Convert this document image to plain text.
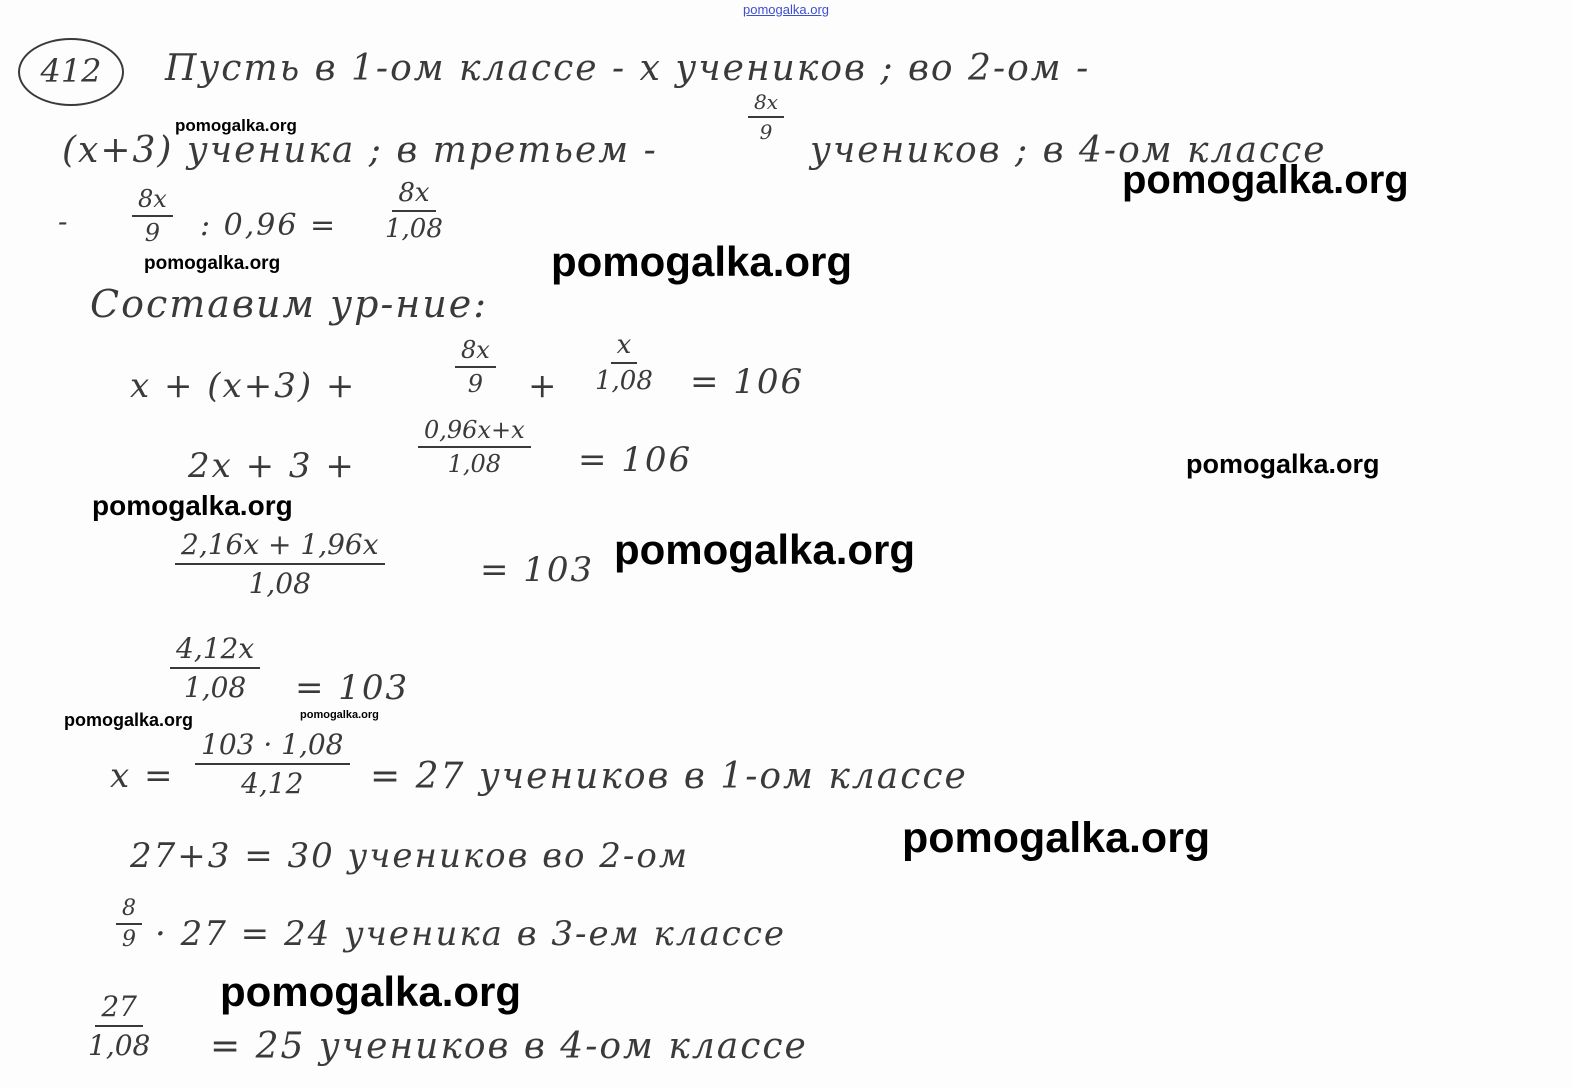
pomogalka.org
412	Пусть в 1-ом классе - х учеников ; во 2-ом -
(х+3) ученика ; в третьем -
8х
9 учеников ; в 4-ом классе
-
8х
9 : 0,96 =
8х
1,08
Составим ур-ние:
х + (х+3) +
8х
9 +
х
1,08 = 106
2х + 3 +
0,96х+х
1,08 = 106
2,16х + 1,96х
1,08	= 103
4,12х
1,08 = 103
$х = \frac{103 \cdot 1,08}{4,12} = 27$ учеников в 1-ом классе
27+3 = 30 учеников во 2-ом
$\frac{8}{9} \cdot 27 = 24$ ученика в 3-ем классе
$\frac{27}{1,08} = 25$ учеников в 4-ом классе
pomogalka.org
pomogalka.org
pomogalka.org	pomogalka.org
pomogalka.org
pomogalka.org
pomogalka.org
pomogalka.org	pomogalka.org
pomogalka.org
pomogalka.org
